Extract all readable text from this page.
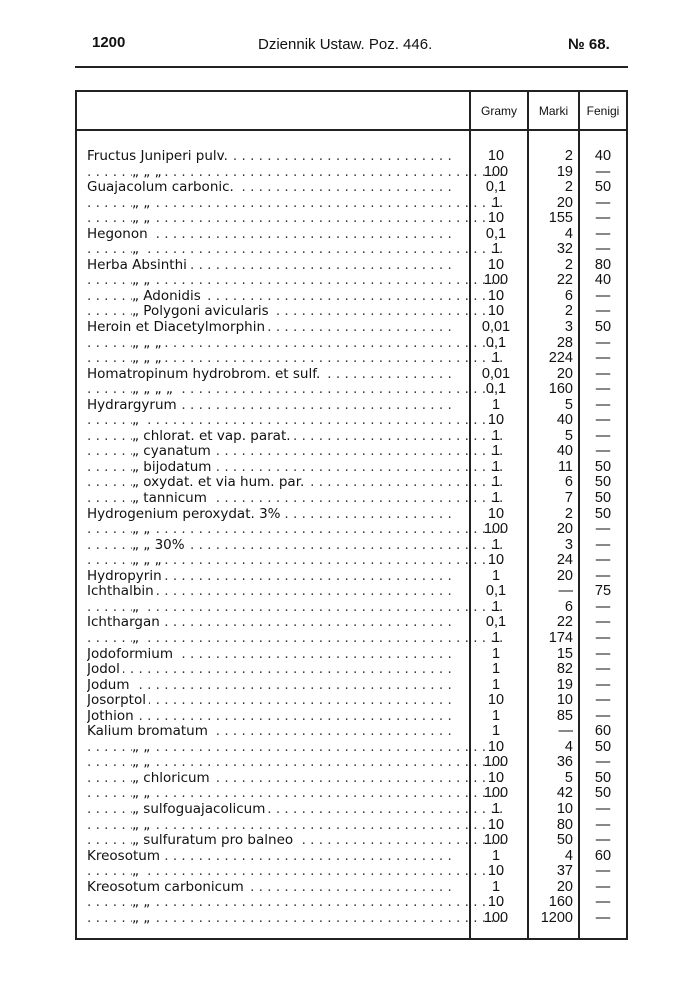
1200	Dziennik Ustaw. Poz. 446.	№ 68.
Gramy	Marki	Fenigi
Fructus Juniperi pulv. . . .	10	2	40
„ „ „ . . .	100	19	—
Guajacolum carbonic. . . .	0,1	2	50
„ „ . . .	1	20	—
„ „ . . .	10	155	—
Hegonon . . .	0,1	4	—
„ . . .	1	32	—
Herba Absinthi . . .	10	2	80
„ „ . . .	100	22	40
„ Adonidis . . .	10	6	—
„ Polygoni avicularis . . .	10	2	—
Heroin et Diacetylmorphin . . .	0,01	3	50
„ „ „ . . .	0,1	28	—
„ „ „ . . .	1	224	—
Homatropinum hydrobrom. et sulf. . . .	0,01	20	—
„ „ „ „ . . .	0,1	160	—
Hydrargyrum . . .	1	5	—
„ . . .	10	40	—
„ chlorat. et vap. parat. . . .	1	5	—
„ cyanatum . . .	1	40	—
„ bijodatum . . .	1	11	50
„ oxydat. et via hum. par. . . .	1	6	50
„ tannicum . . .	1	7	50
Hydrogenium peroxydat. 3% . . .	10	2	50
„ „ . . .	100	20	—
„ „ 30% . . .	1	3	—
„ „ „ . . .	10	24	—
Hydropyrin . . .	1	20	—
Ichthalbin . . .	0,1	—	75
„ . . .	1	6	—
Ichthargan . . .	0,1	22	—
„ . . .	1	174	—
Jodoformium . . .	1	15	—
Jodol . . .	1	82	—
Jodum . . .	1	19	—
Josorptol . . .	10	10	—
Jothion . . .	1	85	—
Kalium bromatum . . .	1	—	60
„ „ . . .	10	4	50
„ „ . . .	100	36	—
„ chloricum . . .	10	5	50
„ „ . . .	100	42	50
„ sulfoguajacolicum . . .	1	10	—
„ „ . . .	10	80	—
„ sulfuratum pro balneo . . .	100	50	—
Kreosotum . . .	1	4	60
„ . . .	10	37	—
Kreosotum carbonicum . . .	1	20	—
„ „ . . .	10	160	—
„ „ . . .	100	1200	—
